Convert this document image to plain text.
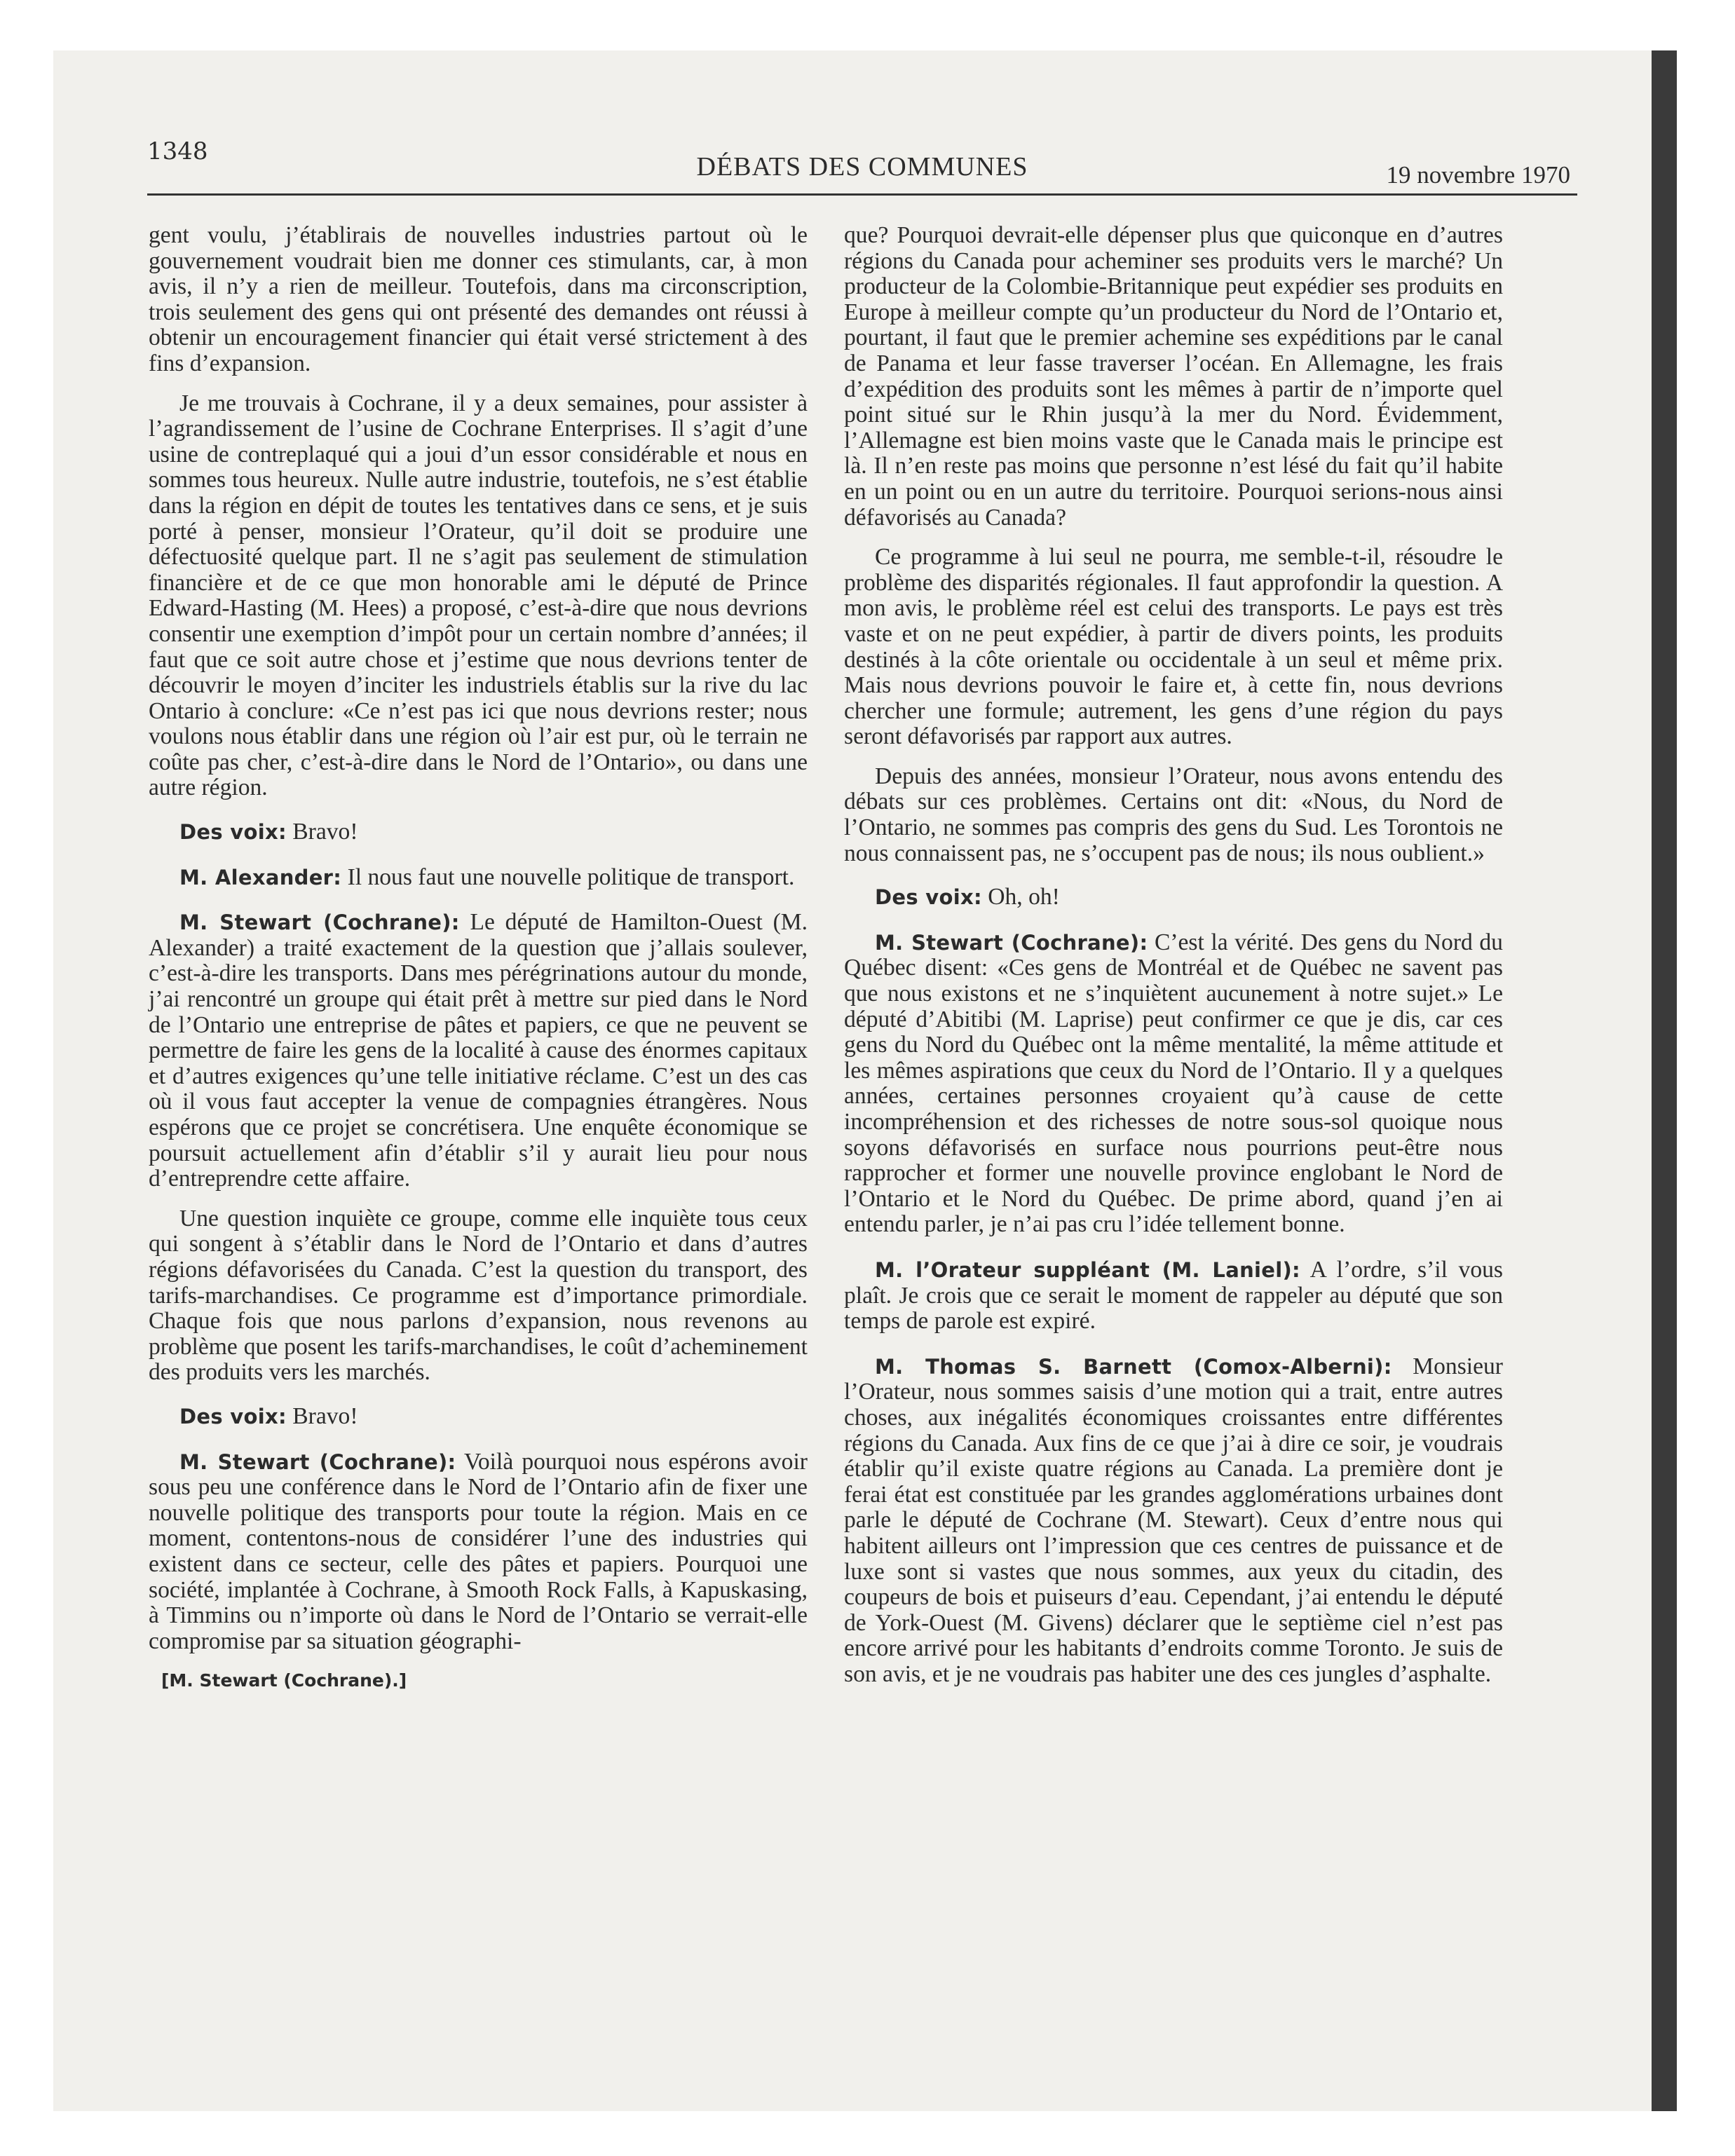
1348
DÉBATS DES COMMUNES	19 novembre 1970

gent voulu, j’établirais de nouvelles industries partout où le gouvernement voudrait bien me donner ces stimulants, car, à mon avis, il n’y a rien de meilleur. Toutefois, dans ma circonscription, trois seulement des gens qui ont présenté des demandes ont réussi à obtenir un encouragement financier qui était versé strictement à des fins d’expansion.

Je me trouvais à Cochrane, il y a deux semaines, pour assister à l’agrandissement de l’usine de Cochrane Enterprises. Il s’agit d’une usine de contreplaqué qui a joui d’un essor considérable et nous en sommes tous heureux. Nulle autre industrie, toutefois, ne s’est établie dans la région en dépit de toutes les tentatives dans ce sens, et je suis porté à penser, monsieur l’Orateur, qu’il doit se produire une défectuosité quelque part. Il ne s’agit pas seulement de stimulation financière et de ce que mon honorable ami le député de Prince Edward-Hasting (M. Hees) a proposé, c’est-à-dire que nous devrions consentir une exemption d’impôt pour un certain nombre d’années; il faut que ce soit autre chose et j’estime que nous devrions tenter de découvrir le moyen d’inciter les industriels établis sur la rive du lac Ontario à conclure: «Ce n’est pas ici que nous devrions rester; nous voulons nous établir dans une région où l’air est pur, où le terrain ne coûte pas cher, c’est-à-dire dans le Nord de l’Ontario», ou dans une autre région.

Des voix: Bravo!

M. Alexander: Il nous faut une nouvelle politique de transport.

M. Stewart (Cochrane): Le député de Hamilton-Ouest (M. Alexander) a traité exactement de la question que j’allais soulever, c’est-à-dire les transports. Dans mes pérégrinations autour du monde, j’ai rencontré un groupe qui était prêt à mettre sur pied dans le Nord de l’Ontario une entreprise de pâtes et papiers, ce que ne peuvent se permettre de faire les gens de la localité à cause des énormes capitaux et d’autres exigences qu’une telle initiative réclame. C’est un des cas où il vous faut accepter la venue de compagnies étrangères. Nous espérons que ce projet se concrétisera. Une enquête économique se poursuit actuellement afin d’établir s’il y aurait lieu pour nous d’entreprendre cette affaire.

Une question inquiète ce groupe, comme elle inquiète tous ceux qui songent à s’établir dans le Nord de l’Ontario et dans d’autres régions défavorisées du Canada. C’est la question du transport, des tarifs-marchandises. Ce programme est d’importance primordiale. Chaque fois que nous parlons d’expansion, nous revenons au problème que posent les tarifs-marchandises, le coût d’acheminement des produits vers les marchés.

Des voix: Bravo!

M. Stewart (Cochrane): Voilà pourquoi nous espérons avoir sous peu une conférence dans le Nord de l’Ontario afin de fixer une nouvelle politique des transports pour toute la région. Mais en ce moment, contentons-nous de considérer l’une des industries qui existent dans ce secteur, celle des pâtes et papiers. Pourquoi une société, implantée à Cochrane, à Smooth Rock Falls, à Kapuskasing, à Timmins ou n’importe où dans le Nord de l’Ontario se verrait-elle compromise par sa situation géographi-

[M. Stewart (Cochrane).]

que? Pourquoi devrait-elle dépenser plus que quiconque en d’autres régions du Canada pour acheminer ses produits vers le marché? Un producteur de la Colombie-Britannique peut expédier ses produits en Europe à meilleur compte qu’un producteur du Nord de l’Ontario et, pourtant, il faut que le premier achemine ses expéditions par le canal de Panama et leur fasse traverser l’océan. En Allemagne, les frais d’expédition des produits sont les mêmes à partir de n’importe quel point situé sur le Rhin jusqu’à la mer du Nord. Évidemment, l’Allemagne est bien moins vaste que le Canada mais le principe est là. Il n’en reste pas moins que personne n’est lésé du fait qu’il habite en un point ou en un autre du territoire. Pourquoi serions-nous ainsi défavorisés au Canada?

Ce programme à lui seul ne pourra, me semble-t-il, résoudre le problème des disparités régionales. Il faut approfondir la question. A mon avis, le problème réel est celui des transports. Le pays est très vaste et on ne peut expédier, à partir de divers points, les produits destinés à la côte orientale ou occidentale à un seul et même prix. Mais nous devrions pouvoir le faire et, à cette fin, nous devrions chercher une formule; autrement, les gens d’une région du pays seront défavorisés par rapport aux autres.

Depuis des années, monsieur l’Orateur, nous avons entendu des débats sur ces problèmes. Certains ont dit: «Nous, du Nord de l’Ontario, ne sommes pas compris des gens du Sud. Les Torontois ne nous connaissent pas, ne s’occupent pas de nous; ils nous oublient.»

Des voix: Oh, oh!

M. Stewart (Cochrane): C’est la vérité. Des gens du Nord du Québec disent: «Ces gens de Montréal et de Québec ne savent pas que nous existons et ne s’inquiètent aucunement à notre sujet.» Le député d’Abitibi (M. Laprise) peut confirmer ce que je dis, car ces gens du Nord du Québec ont la même mentalité, la même attitude et les mêmes aspirations que ceux du Nord de l’Ontario. Il y a quelques années, certaines personnes croyaient qu’à cause de cette incompréhension et des richesses de notre sous-sol quoique nous soyons défavorisés en surface nous pourrions peut-être nous rapprocher et former une nouvelle province englobant le Nord de l’Ontario et le Nord du Québec. De prime abord, quand j’en ai entendu parler, je n’ai pas cru l’idée tellement bonne.

M. l’Orateur suppléant (M. Laniel): A l’ordre, s’il vous plaît. Je crois que ce serait le moment de rappeler au député que son temps de parole est expiré.

M. Thomas S. Barnett (Comox-Alberni): Monsieur l’Orateur, nous sommes saisis d’une motion qui a trait, entre autres choses, aux inégalités économiques croissantes entre différentes régions du Canada. Aux fins de ce que j’ai à dire ce soir, je voudrais établir qu’il existe quatre régions au Canada. La première dont je ferai état est constituée par les grandes agglomérations urbaines dont parle le député de Cochrane (M. Stewart). Ceux d’entre nous qui habitent ailleurs ont l’impression que ces centres de puissance et de luxe sont si vastes que nous sommes, aux yeux du citadin, des coupeurs de bois et puiseurs d’eau. Cependant, j’ai entendu le député de York-Ouest (M. Givens) déclarer que le septième ciel n’est pas encore arrivé pour les habitants d’endroits comme Toronto. Je suis de son avis, et je ne voudrais pas habiter une des ces jungles d’asphalte.
